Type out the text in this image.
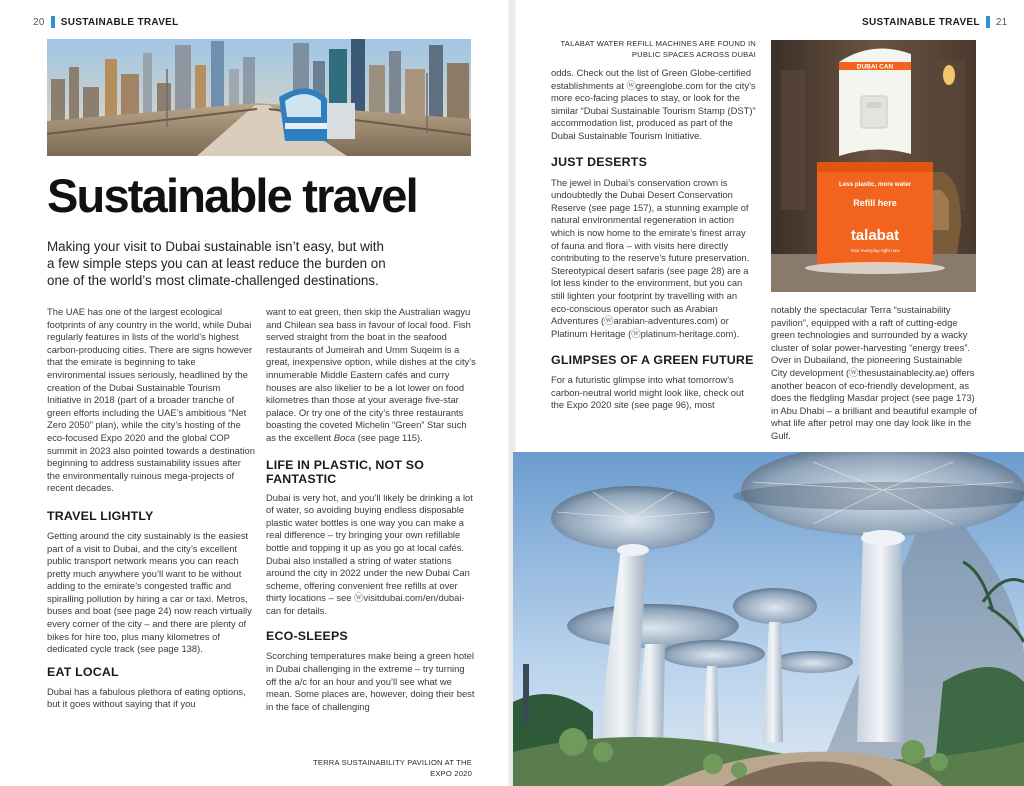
20 SUSTAINABLE TRAVEL	SUSTAINABLE TRAVEL 21
Sustainable travel

Making your visit to Dubai sustainable isn’t easy, but with a few simple steps you can at least reduce the burden on one of the world’s most climate-challenged destinations.

The UAE has one of the largest ecological footprints of any country in the world, while Dubai regularly features in lists of the world’s highest carbon-producing cities. There are signs however that the emirate is beginning to take environmental issues seriously, headlined by the creation of the Dubai Sustainable Tourism Initiative in 2018 (part of a broader tranche of green efforts including the UAE’s ambitious “Net Zero 2050” plan), while the city’s hosting of the eco-focused Expo 2020 and the global COP summit in 2023 also pointed towards a destination beginning to address sustainability issues after the environmentally ruinous mega-projects of recent decades.

TRAVEL LIGHTLY

Getting around the city sustainably is the easiest part of a visit to Dubai, and the city’s excellent public transport network means you can reach pretty much anywhere you’ll want to be without adding to the emirate’s congested traffic and spiralling pollution by hiring a car or taxi. Metros, buses and boat (see page 24) now reach virtually every corner of the city – and there are plenty of bikes for hire too, plus many kilometres of dedicated cycle track (see page 138).

EAT LOCAL

Dubai has a fabulous plethora of eating options, but it goes without saying that if you

want to eat green, then skip the Australian wagyu and Chilean sea bass in favour of local food. Fish served straight from the boat in the seafood restaurants of Jumeirah and Umm Suqeim is a great, inexpensive option, while dishes at the city’s innumerable Middle Eastern cafés and curry houses are also likelier to be a lot lower on food kilometres than those at your average five-star palace. Or try one of the city’s three restaurants boasting the coveted Michelin “Green” Star such as the excellent Boca (see page 115).

LIFE IN PLASTIC, NOT SO FANTASTIC

Dubai is very hot, and you’ll likely be drinking a lot of water, so avoiding buying endless disposable plastic water bottles is one way you can make a real difference – try bringing your own refillable bottle and topping it up as you go at local cafés. Dubai also installed a string of water stations around the city in 2022 under the new Dubai Can scheme, offering convenient free refills at over thirty locations – see ⓦvisitdubai.com/en/dubai-can for details.

ECO-SLEEPS

Scorching temperatures make being a green hotel in Dubai challenging in the extreme – try turning off the a/c for an hour and you’ll see what we mean. Some places are, however, doing their best in the face of challenging

TERRA SUSTAINABILITY PAVILION AT THE EXPO 2020
TALABAT WATER REFILL MACHINES ARE FOUND IN PUBLIC SPACES ACROSS DUBAI

odds. Check out the list of Green Globe-certified establishments at ⓦgreenglobe.com for the city’s more eco-facing places to stay, or look for the similar “Dubai Sustainable Tourism Stamp (DST)” accommodation list, produced as part of the Dubai Sustainable Tourism Initiative.

JUST DESERTS

The jewel in Dubai’s conservation crown is undoubtedly the Dubai Desert Conservation Reserve (see page 157), a stunning example of natural environmental regeneration in action which is now home to the emirate’s finest array of fauna and flora – with visits here directly contributing to the reserve’s future preservation. Stereotypical desert safaris (see page 28) are a lot less kinder to the environment, but you can still lighten your footprint by travelling with an eco-conscious operator such as Arabian Adventures (ⓦarabian-adventures.com) or Platinum Heritage (ⓦplatinum-heritage.com).

GLIMPSES OF A GREEN FUTURE

For a futuristic glimpse into what tomorrow’s carbon-neutral world might look like, check out the Expo 2020 site (see page 96), most

DUBAI CAN
Less plastic, more water
Refill here
talabat
Your everyday right now

notably the spectacular Terra “sustainability pavilion”, equipped with a raft of cutting-edge green technologies and surrounded by a wacky cluster of solar power-harvesting “energy trees”. Over in Dubailand, the pioneering Sustainable City development (ⓦthesustainablecity.ae) offers another beacon of eco-friendly development, as does the fledgling Masdar project (see page 173) in Abu Dhabi – a brilliant and beautiful example of what life after petrol may one day look like in the Gulf.
